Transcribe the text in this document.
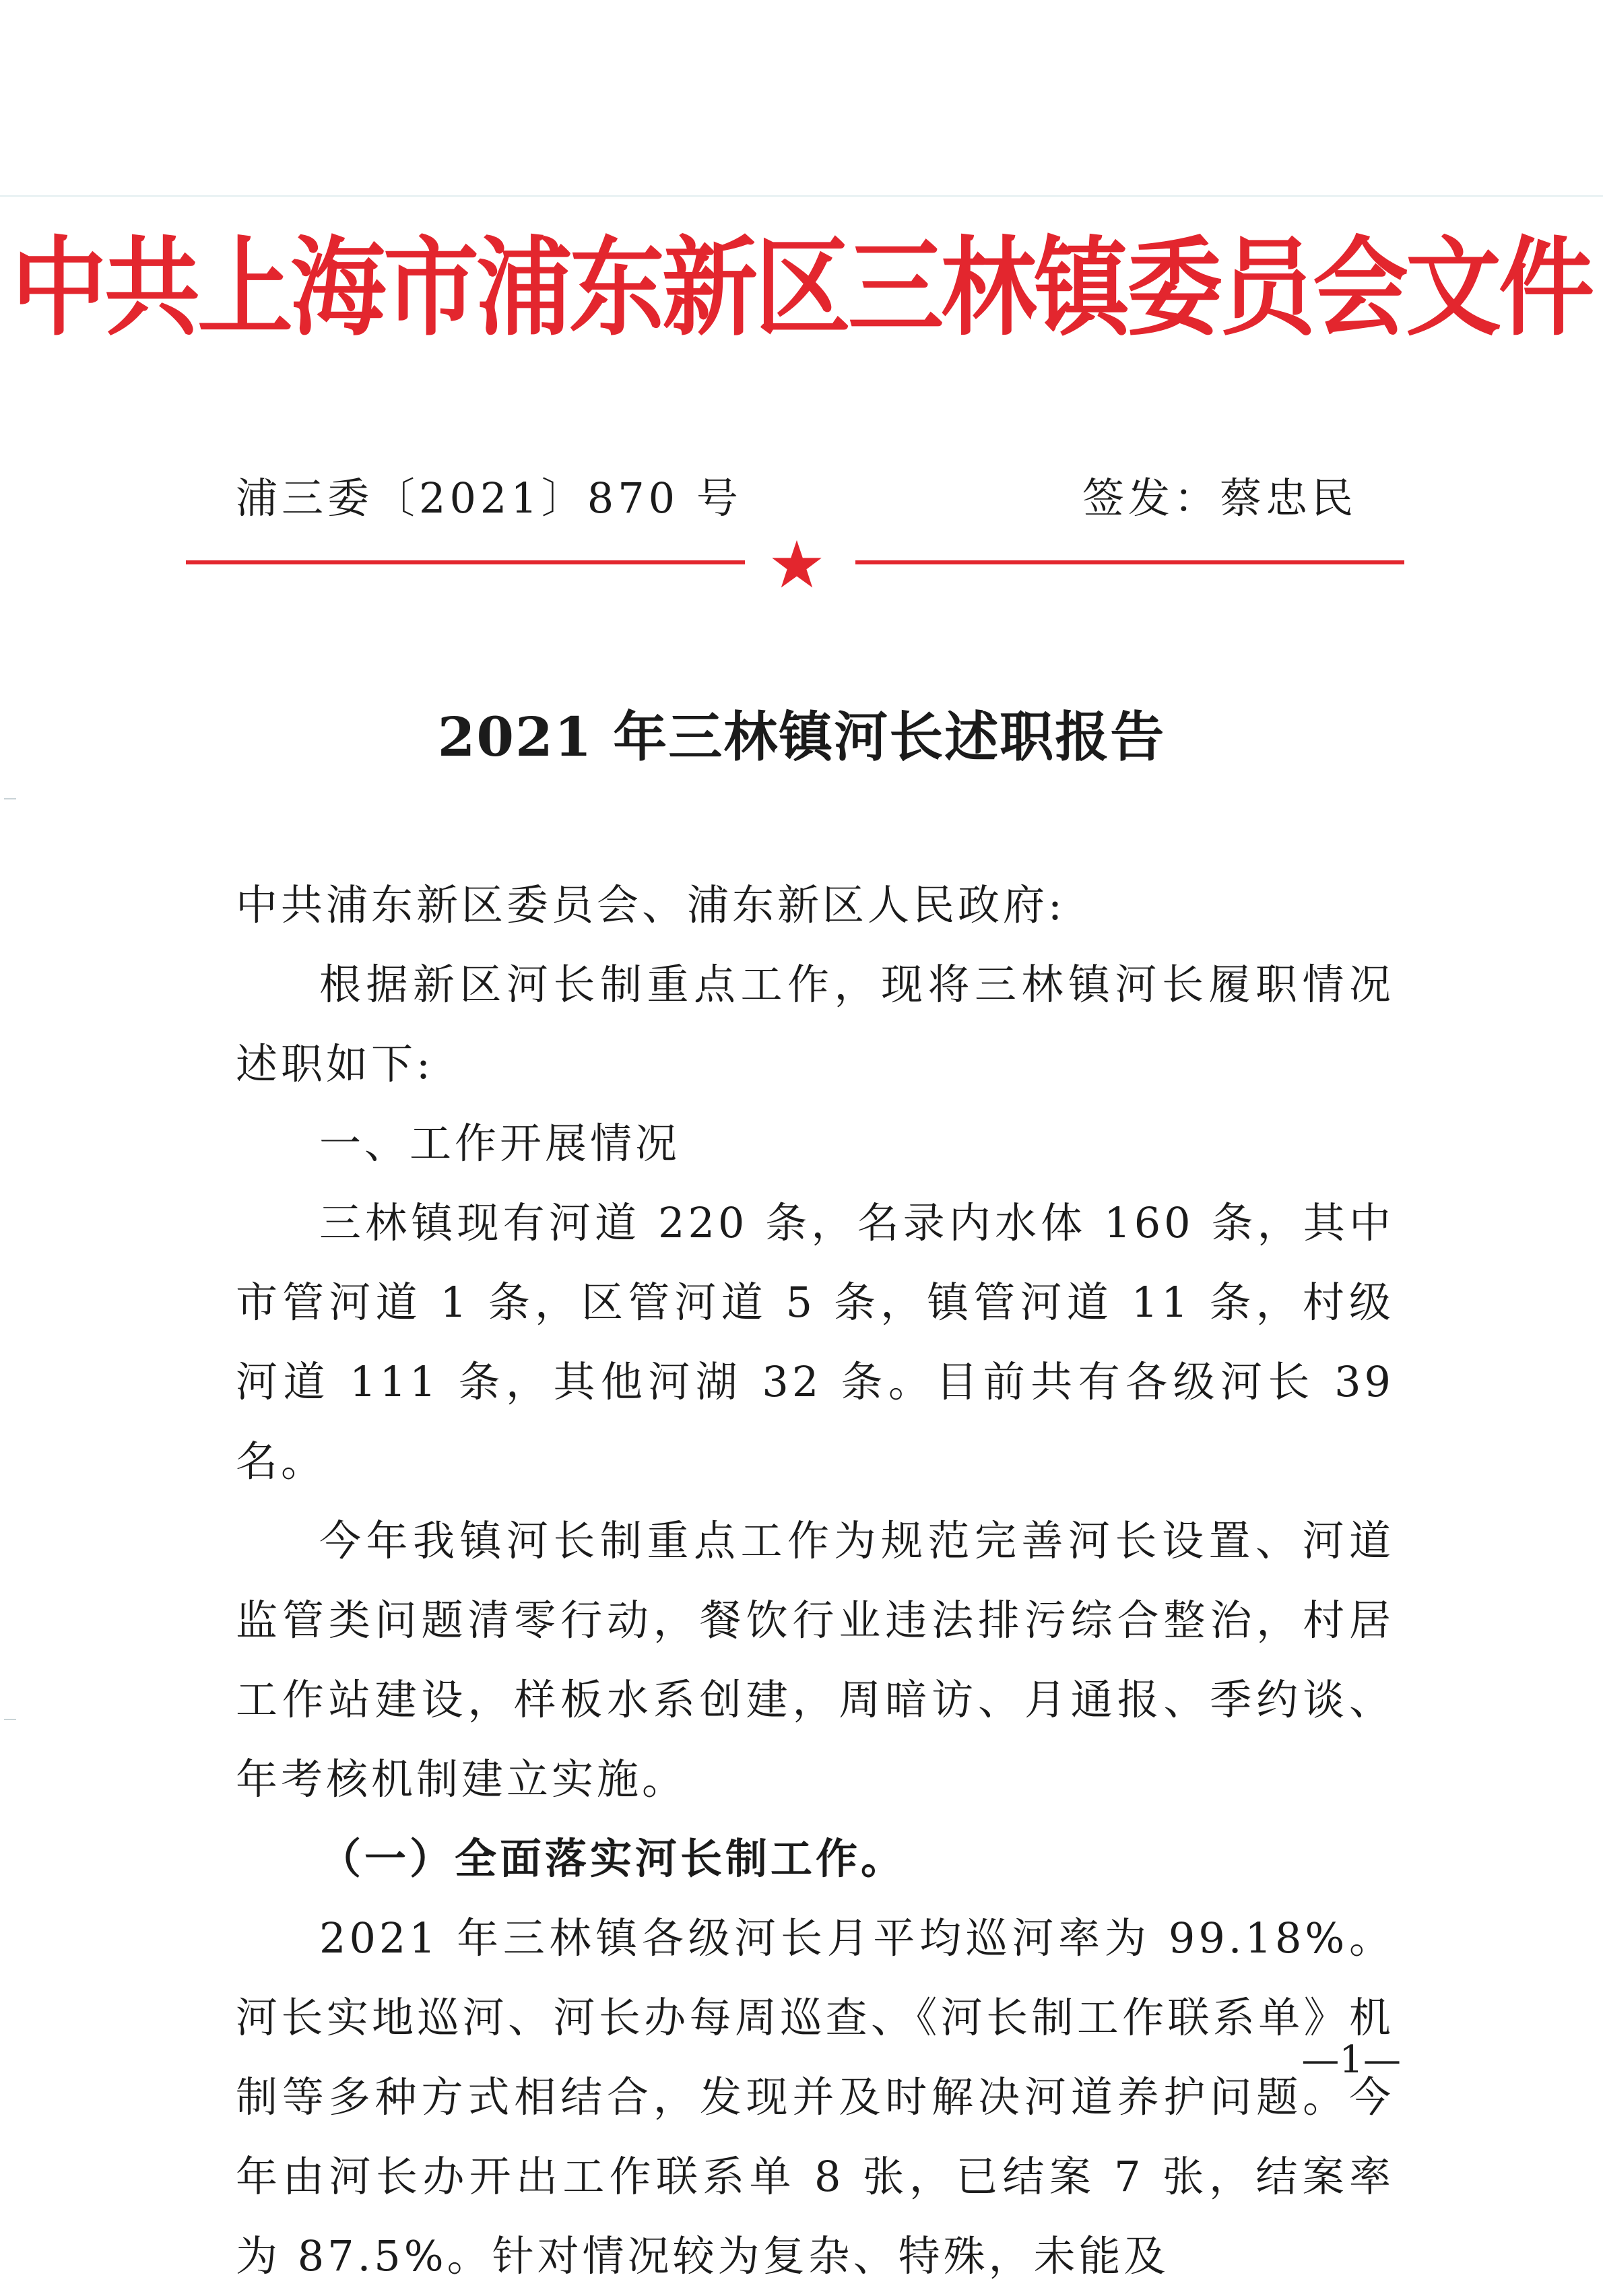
中共上海市浦东新区三林镇委员会文件
浦三委〔2021〕870 号	签发：蔡忠民
2021 年三林镇河长述职报告

中共浦东新区委员会、浦东新区人民政府:

根据新区河长制重点工作，现将三林镇河长履职情况述职如下:

一、工作开展情况

三林镇现有河道 220 条，名录内水体 160 条，其中市管河道 1 条，区管河道 5 条，镇管河道 11 条，村级河道 111 条，其他河湖 32 条。目前共有各级河长 39 名。

今年我镇河长制重点工作为规范完善河长设置、河道监管类问题清零行动，餐饮行业违法排污综合整治，村居工作站建设，样板水系创建，周暗访、月通报、季约谈、年考核机制建立实施。

（一）全面落实河长制工作。

2021 年三林镇各级河长月平均巡河率为 99.18%。河长实地巡河、河长办每周巡查、《河长制工作联系单》机制等多种方式相结合，发现并及时解决河道养护问题。今年由河长办开出工作联系单 8 张，已结案 7 张，结案率为 87.5%。针对情况较为复杂、特殊，未能及

—1—
